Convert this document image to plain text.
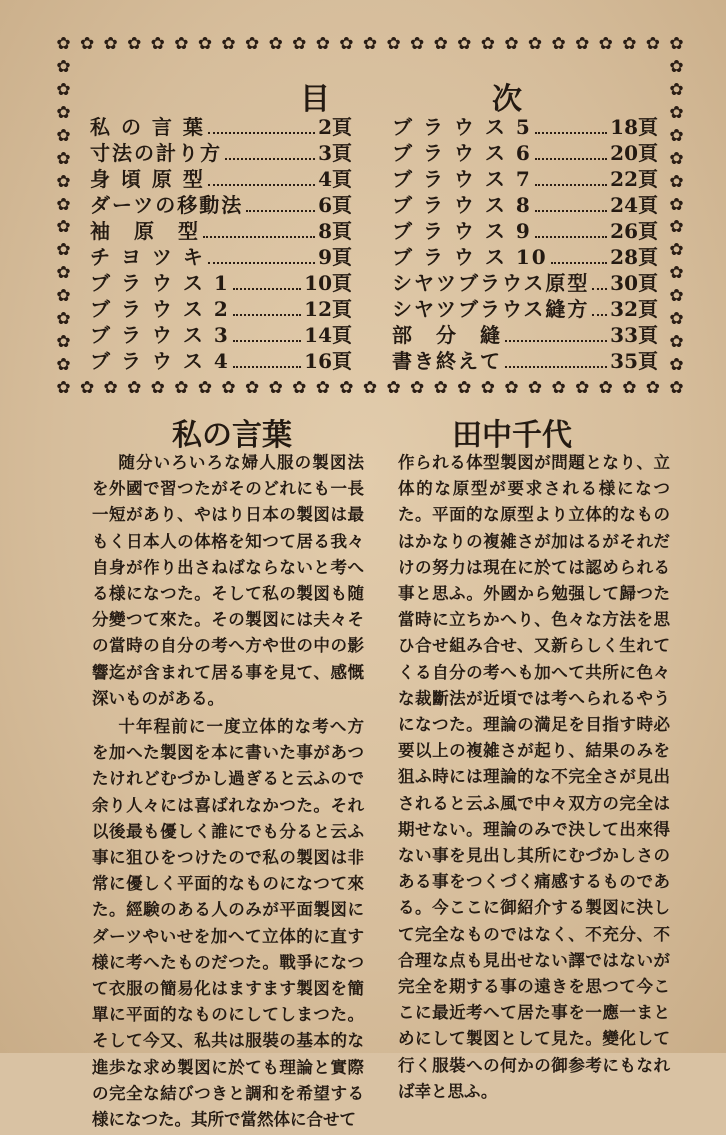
✿
✿
✿
✿
✿
✿
✿
✿
✿
✿
✿
✿
✿
✿
✿
✿
✿
✿
✿
✿
✿
✿
✿
✿
✿
✿
✿
✿
✿
✿
✿
✿
✿
✿
✿
✿
✿
✿
✿
✿
✿
✿
✿
✿
✿
✿
✿
✿
✿
✿
✿
✿
✿
✿
✿	✿
✿	✿
✿	✿
✿	✿
✿	✿
✿	✿
✿	✿
✿	✿
✿	✿
✿	✿
✿	✿
✿	✿
✿	✿
✿	✿
目　次
私 の 言 葉	2頁
寸法の計り方	3頁
身 頃 原 型	4頁
ダーツの移動法	6頁
袖　原　型	8頁
チ ヨ ツ キ	9頁
ブ ラ ウ ス 1	10頁
ブ ラ ウ ス 2	12頁
ブ ラ ウ ス 3	14頁
ブ ラ ウ ス 4	16頁
ブ ラ ウ ス 5	18頁
ブ ラ ウ ス 6	20頁
ブ ラ ウ ス 7	22頁
ブ ラ ウ ス 8	24頁
ブ ラ ウ ス 9	26頁
ブ ラ ウ ス 10	28頁
シヤツブラウス原型 30頁
シヤツブラウス縫方 32頁
部　分　縫	33頁
書き終えて	35頁
私の言葉	田中千代

随分いろいろな婦人服の製図法を外國で習つたがそのどれにも一長一短があり、やはり日本の製図は最もく日本人の体格を知つて居る我々自身が作り出さねばならないと考へる様になつた。そして私の製図も随分變つて來た。その製図には夫々その當時の自分の考へ方や世の中の影響迄が含まれて居る事を見て、感慨深いものがある。

十年程前に一度立体的な考へ方を加へた製図を本に書いた事があつたけれどむづかし過ぎると云ふので余り人々には喜ばれなかつた。それ以後最も優しく誰にでも分ると云ふ事に狙ひをつけたので私の製図は非常に優しく平面的なものになつて來た。經験のある人のみが平面製図にダーツやいせを加へて立体的に直す様に考へたものだつた。戰爭になつて衣服の簡易化はますます製図を簡單に平面的なものにしてしまつた。そして今又、私共は服裝の基本的な進歩な求め製図に於ても理論と實際の完全な結びつきと調和を希望する様になつた。其所で當然体に合せて

作られる体型製図が問題となり、立体的な原型が要求される様になつた。平面的な原型より立体的なものはかなりの複雑さが加はるがそれだけの努力は現在に於ては認められる事と思ふ。外國から勉强して歸つた當時に立ちかへり、色々な方法を思ひ合せ組み合せ、又新らしく生れてくる自分の考へも加へて共所に色々な裁斷法が近頃では考へられるやうになつた。理論の満足を目指す時必要以上の複雑さが起り、結果のみを狙ふ時には理論的な不完全さが見出されると云ふ風で中々双方の完全は期せない。理論のみで決して出來得ない事を見出し其所にむづかしさのある事をつくづく痛感するものである。今ここに御紹介する製図に決して完全なものではなく、不充分、不合理な点も見出せない譯ではないが完全を期する事の遠きを思つて今ここに最近考へて居た事を一應一まとめにして製図として見た。變化して行く服裝への何かの御参考にもなれば幸と思ふ。
